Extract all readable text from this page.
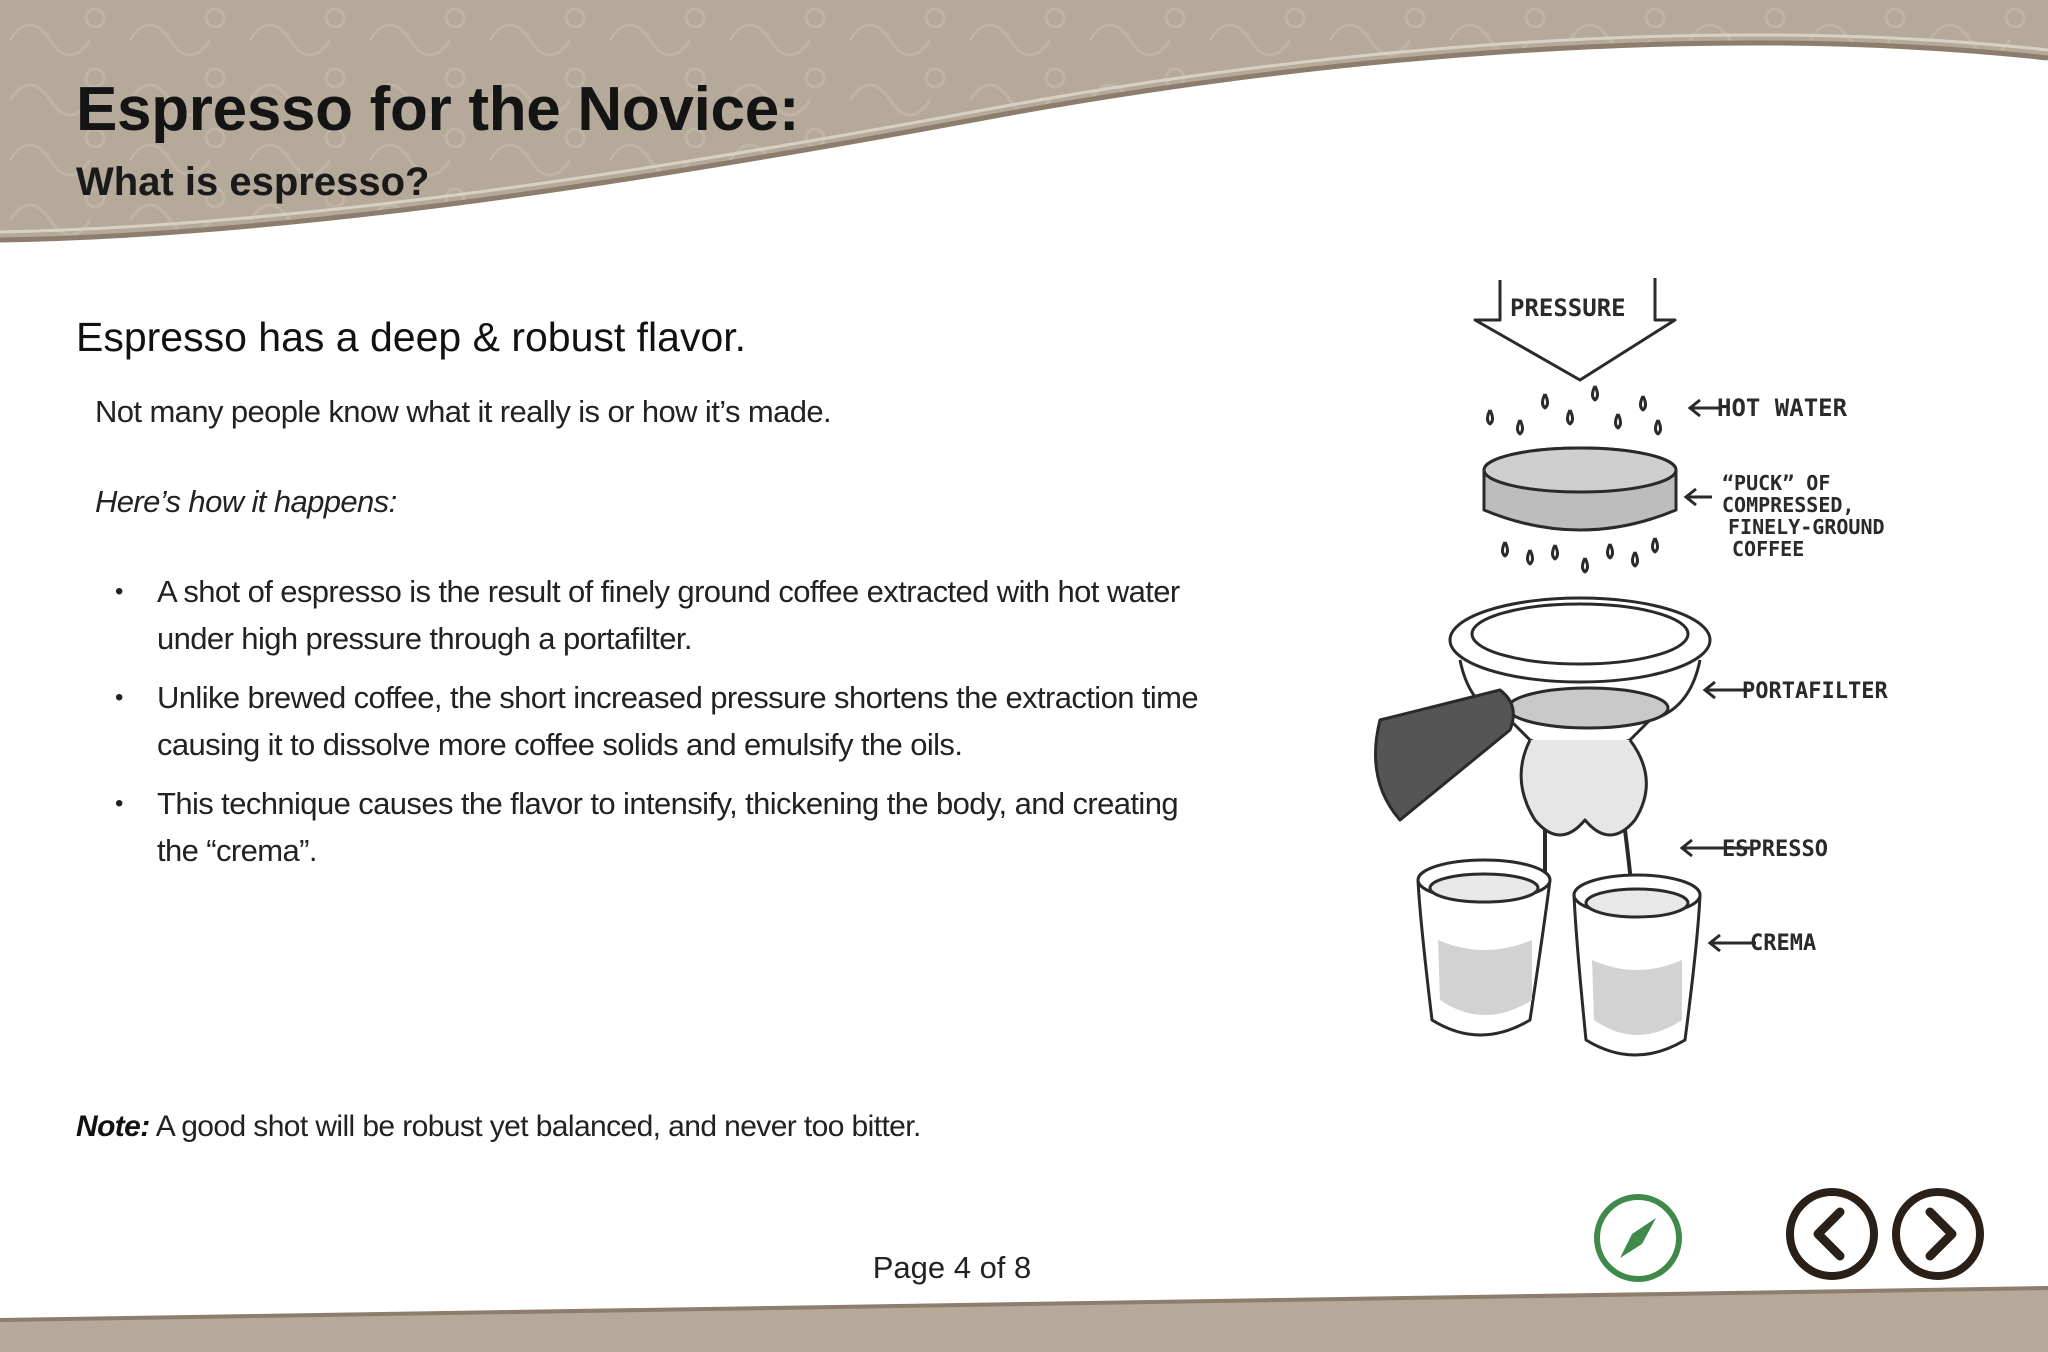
Espresso for the Novice:
What is espresso?
Espresso has a deep & robust flavor.

Not many people know what it really is or how it’s made.

Here’s how it happens:

• A shot of espresso is the result of finely ground coffee extracted with hot water under high pressure through a portafilter.
• Unlike brewed coffee, the short increased pressure shortens the extraction time causing it to dissolve more coffee solids and emulsify the oils.
• This technique causes the flavor to intensify, thickening the body, and creating the “crema”.

Note: A good shot will be robust yet balanced, and never too bitter.

PRESSURE
HOT WATER
“PUCK” OF
COMPRESSED,
FINELY-GROUND
COFFEE
PORTAFILTER
ESPRESSO
CREMA

Page 4 of 8
